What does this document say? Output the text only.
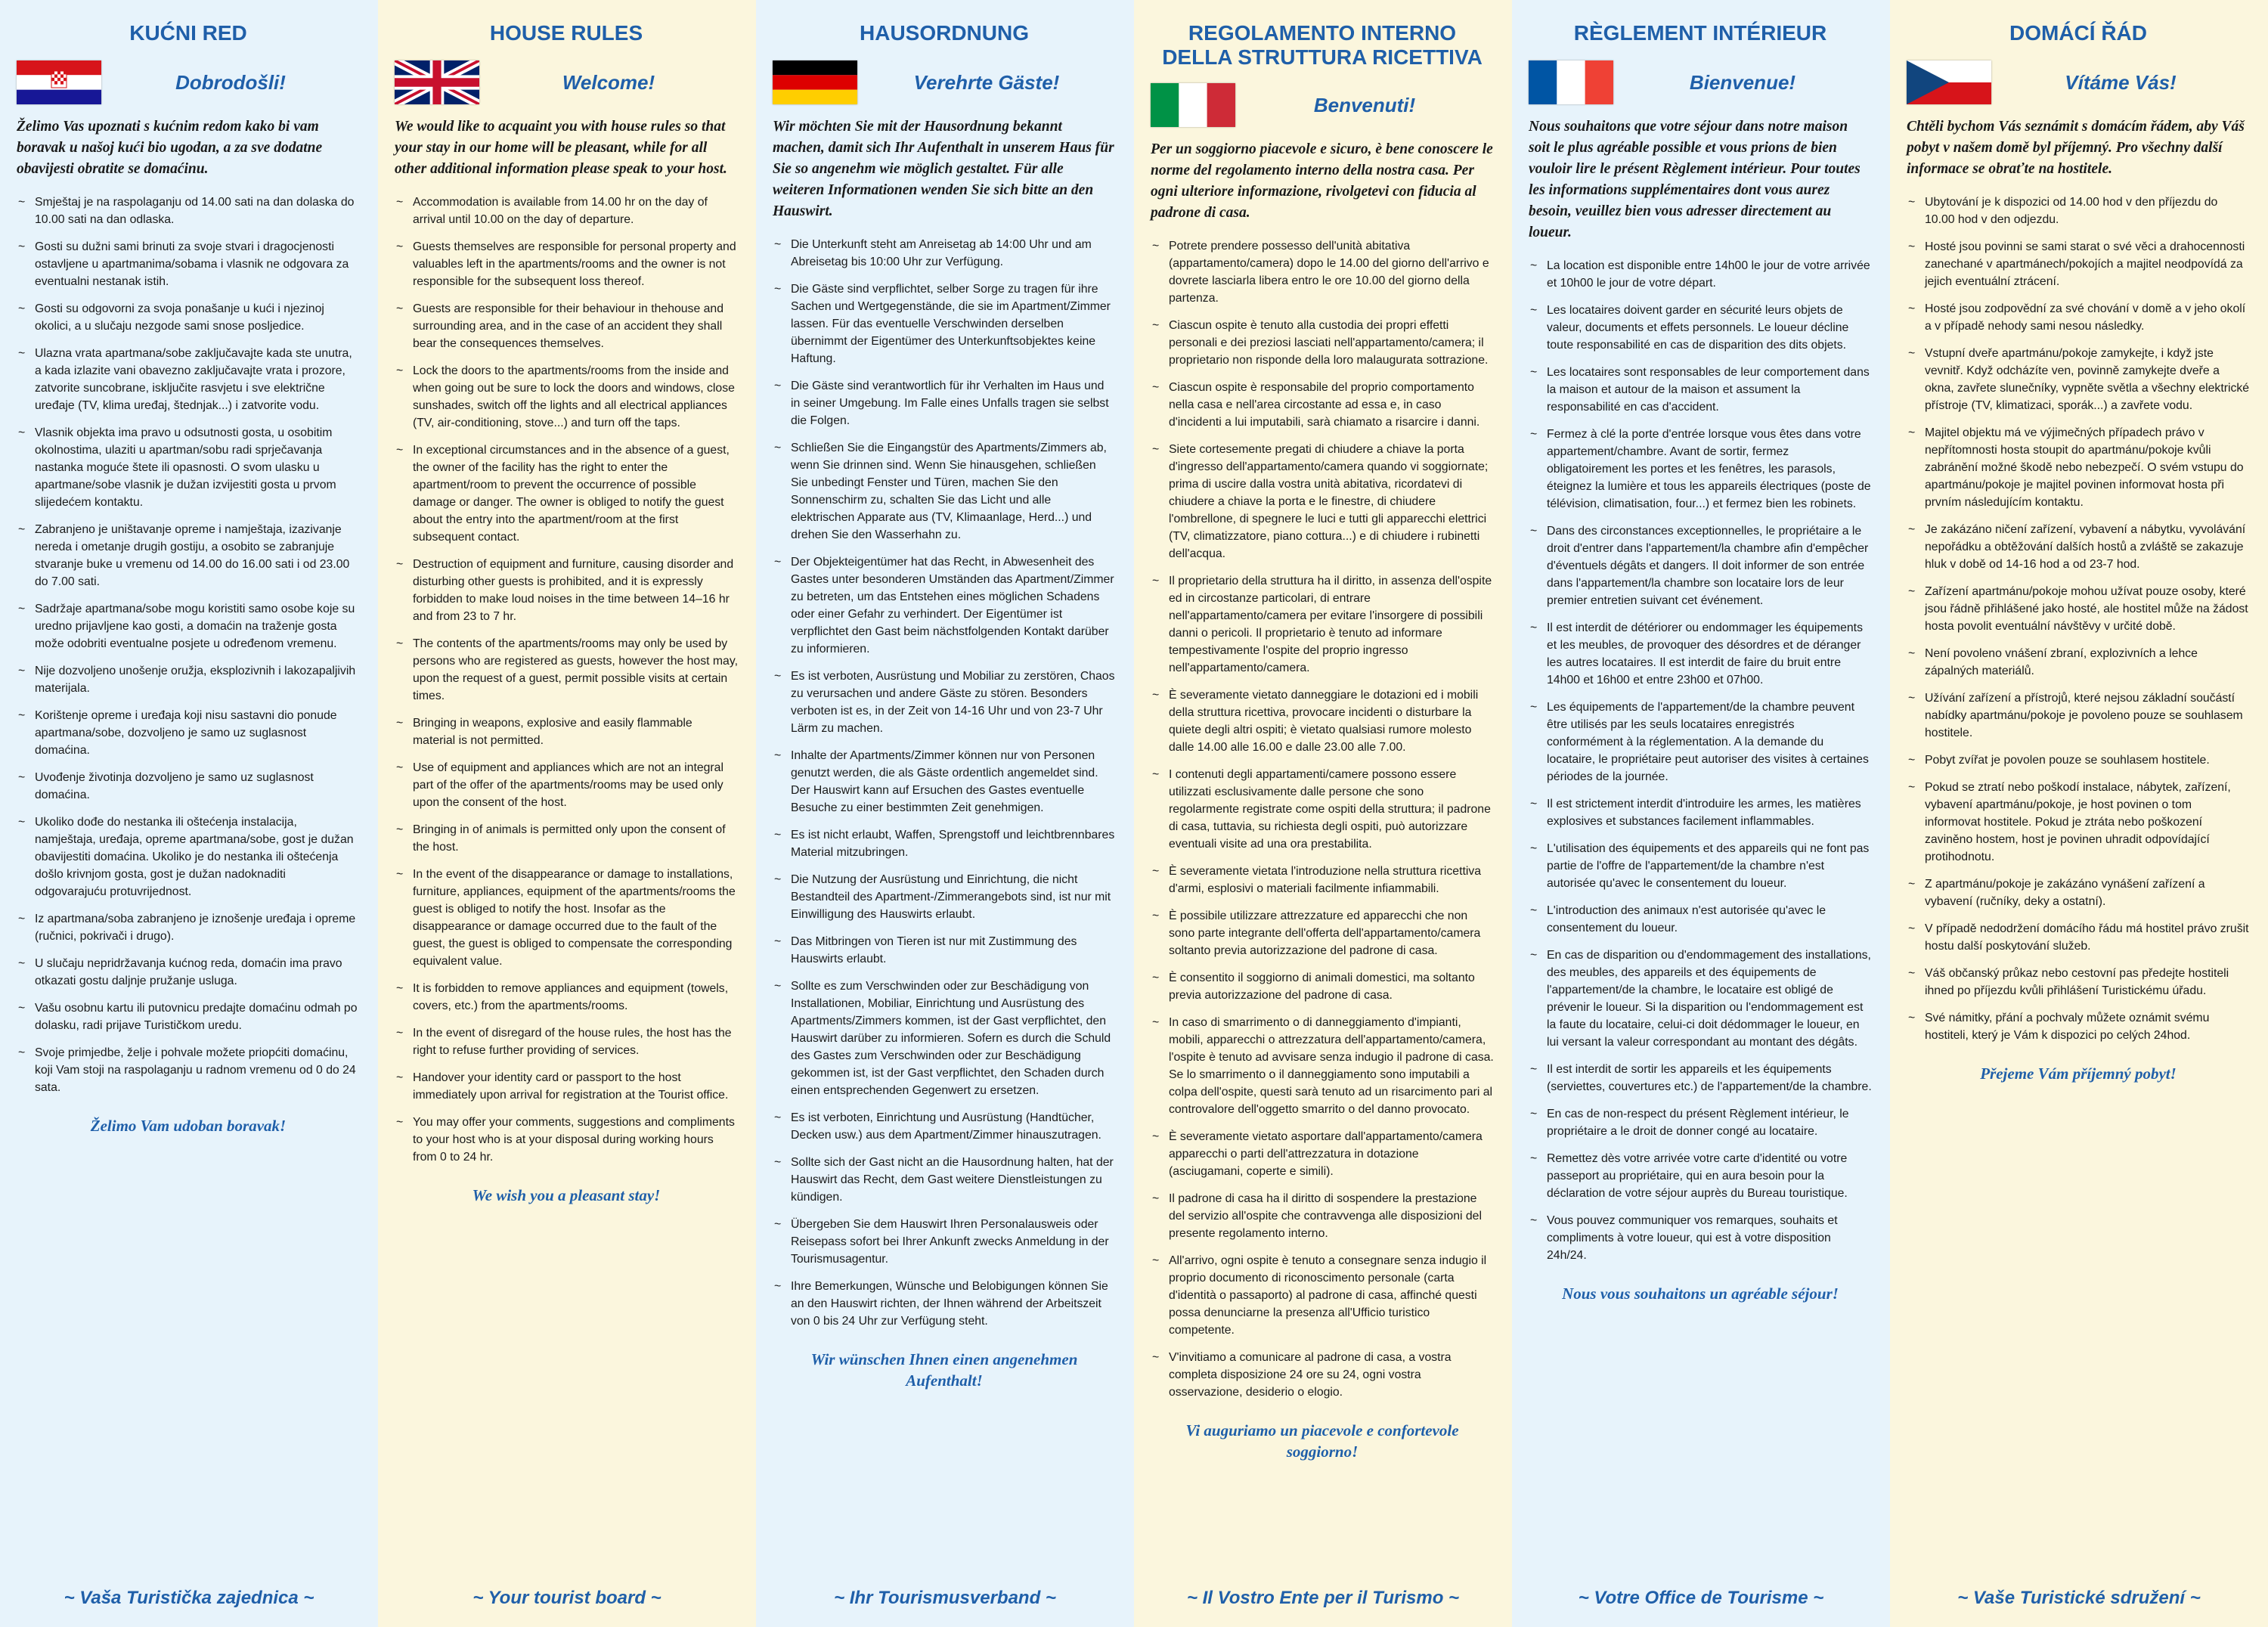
KUĆNI RED
Dobrodošli!

Želimo Vas upoznati s kućnim redom kako bi vam boravak u našoj kući bio ugodan, a za sve dodatne obavijesti obratite se domaćinu.

~ Smještaj je na raspolaganju od 14.00 sati na dan dolaska do 10.00 sati na dan odlaska.
~ Gosti su dužni sami brinuti za svoje stvari i dragocjenosti ostavljene u apartmanima/sobama i vlasnik ne odgovara za eventualni nestanak istih.
~ Gosti su odgovorni za svoja ponašanje u kući i njezinoj okolici, a u slučaju nezgode sami snose posljedice.
~ Ulazna vrata apartmana/sobe zaključavajte kada ste unutra, a kada izlazite vani obavezno zaključavajte vrata i prozore, zatvorite suncobrane, isključite rasvjetu i sve električne uređaje (TV, klima uređaj, štednjak...) i zatvorite vodu.
~ Vlasnik objekta ima pravo u odsutnosti gosta, u osobitim okolnostima, ulaziti u apartman/sobu radi sprječavanja nastanka moguće štete ili opasnosti. O svom ulasku u apartmane/sobe vlasnik je dužan izvijestiti gosta u prvom slijedećem kontaktu.
~ Zabranjeno je uništavanje opreme i namještaja, izazivanje nereda i ometanje drugih gostiju, a osobito se zabranjuje stvaranje buke u vremenu od 14.00 do 16.00 sati i od 23.00 do 7.00 sati.
~ Sadržaje apartmana/sobe mogu koristiti samo osobe koje su uredno prijavljene kao gosti, a domaćin na traženje gosta može odobriti eventualne posjete u određenom vremenu.
~ Nije dozvoljeno unošenje oružja, eksplozivnih i lakozapaljivih materijala.
~ Korištenje opreme i uređaja koji nisu sastavni dio ponude apartmana/sobe, dozvoljeno je samo uz suglasnost domaćina.
~ Uvođenje životinja dozvoljeno je samo uz suglasnost domaćina.
~ Ukoliko dođe do nestanka ili oštećenja instalacija, namještaja, uređaja, opreme apartmana/sobe, gost je dužan obavijestiti domaćina. Ukoliko je do nestanka ili oštećenja došlo krivnjom gosta, gost je dužan nadoknaditi odgovarajuću protuvrijednost.
~ Iz apartmana/soba zabranjeno je iznošenje uređaja i opreme (ručnici, pokrivači i drugo).
~ U slučaju nepridržavanja kućnog reda, domaćin ima pravo otkazati gostu daljnje pružanje usluga.
~ Vašu osobnu kartu ili putovnicu predajte domaćinu odmah po dolasku, radi prijave Turističkom uredu.
~ Svoje primjedbe, želje i pohvale možete priopćiti domaćinu, koji Vam stoji na raspolaganju u radnom vremenu od 0 do 24 sata.
Želimo Vam udoban boravak!
~ Vaša Turistička zajednica ~
HOUSE RULES
Welcome!

We would like to acquaint you with house rules so that your stay in our home will be pleasant, while for all other additional information please speak to your host.

~ Accommodation is available from 14.00 hr on the day of arrival until 10.00 on the day of departure.
~ Guests themselves are responsible for personal property and valuables left in the apartments/rooms and the owner is not responsible for the subsequent loss thereof.
~ Guests are responsible for their behaviour in thehouse and surrounding area, and in the case of an accident they shall bear the consequences themselves.
~ Lock the doors to the apartments/rooms from the inside and when going out be sure to lock the doors and windows, close sunshades, switch off the lights and all electrical appliances (TV, air-conditioning, stove...) and turn off the taps.
~ In exceptional circumstances and in the absence of a guest, the owner of the facility has the right to enter the apartment/room to prevent the occurrence of possible damage or danger. The owner is obliged to notify the guest about the entry into the apartment/room at the first subsequent contact.
~ Destruction of equipment and furniture, causing disorder and disturbing other guests is prohibited, and it is expressly forbidden to make loud noises in the time between 14–16 hr and from 23 to 7 hr.
~ The contents of the apartments/rooms may only be used by persons who are registered as guests, however the host may, upon the request of a guest, permit possible visits at certain times.
~ Bringing in weapons, explosive and easily flammable material is not permitted.
~ Use of equipment and appliances which are not an integral part of the offer of the apartments/rooms may be used only upon the consent of the host.
~ Bringing in of animals is permitted only upon the consent of the host.
~ In the event of the disappearance or damage to installations, furniture, appliances, equipment of the apartments/rooms the guest is obliged to notify the host. Insofar as the disappearance or damage occurred due to the fault of the guest, the guest is obliged to compensate the corresponding equivalent value.
~ It is forbidden to remove appliances and equipment (towels, covers, etc.) from the apartments/rooms.
~ In the event of disregard of the house rules, the host has the right to refuse further providing of services.
~ Handover your identity card or passport to the host immediately upon arrival for registration at the Tourist office.
~ You may offer your comments, suggestions and compliments to your host who is at your disposal during working hours from 0 to 24 hr.
We wish you a pleasant stay!
~ Your tourist board ~
HAUSORDNUNG
Verehrte Gäste!

Wir möchten Sie mit der Hausordnung bekannt machen, damit sich Ihr Aufenthalt in unserem Haus für Sie so angenehm wie möglich gestaltet. Für alle weiteren Informationen wenden Sie sich bitte an den Hauswirt.

~ Die Unterkunft steht am Anreisetag ab 14:00 Uhr und am Abreisetag bis 10:00 Uhr zur Verfügung.
~ Die Gäste sind verpflichtet, selber Sorge zu tragen für ihre Sachen und Wertgegenstände, die sie im Apartment/Zimmer lassen. Für das eventuelle Verschwinden derselben übernimmt der Eigentümer des Unterkunftsobjektes keine Haftung.
~ Die Gäste sind verantwortlich für ihr Verhalten im Haus und in seiner Umgebung. Im Falle eines Unfalls tragen sie selbst die Folgen.
~ Schließen Sie die Eingangstür des Apartments/Zimmers ab, wenn Sie drinnen sind. Wenn Sie hinausgehen, schließen Sie unbedingt Fenster und Türen, machen Sie den Sonnenschirm zu, schalten Sie das Licht und alle elektrischen Apparate aus (TV, Klimaanlage, Herd...) und drehen Sie den Wasserhahn zu.
~ Der Objekteigentümer hat das Recht, in Abwesenheit des Gastes unter besonderen Umständen das Apartment/Zimmer zu betreten, um das Entstehen eines möglichen Schadens oder einer Gefahr zu verhindert. Der Eigentümer ist verpflichtet den Gast beim nächstfolgenden Kontakt darüber zu informieren.
~ Es ist verboten, Ausrüstung und Mobiliar zu zerstören, Chaos zu verursachen und andere Gäste zu stören. Besonders verboten ist es, in der Zeit von 14-16 Uhr und von 23-7 Uhr Lärm zu machen.
~ Inhalte der Apartments/Zimmer können nur von Personen genutzt werden, die als Gäste ordentlich angemeldet sind. Der Hauswirt kann auf Ersuchen des Gastes eventuelle Besuche zu einer bestimmten Zeit genehmigen.
~ Es ist nicht erlaubt, Waffen, Sprengstoff und leichtbrennbares Material mitzubringen.
~ Die Nutzung der Ausrüstung und Einrichtung, die nicht Bestandteil des Apartment-/Zimmerangebots sind, ist nur mit Einwilligung des Hauswirts erlaubt.
~ Das Mitbringen von Tieren ist nur mit Zustimmung des Hauswirts erlaubt.
~ Sollte es zum Verschwinden oder zur Beschädigung von Installationen, Mobiliar, Einrichtung und Ausrüstung des Apartments/Zimmers kommen, ist der Gast verpflichtet, den Hauswirt darüber zu informieren. Sofern es durch die Schuld des Gastes zum Verschwinden oder zur Beschädigung gekommen ist, ist der Gast verpflichtet, den Schaden durch einen entsprechenden Gegenwert zu ersetzen.
~ Es ist verboten, Einrichtung und Ausrüstung (Handtücher, Decken usw.) aus dem Apartment/Zimmer hinauszutragen.
~ Sollte sich der Gast nicht an die Hausordnung halten, hat der Hauswirt das Recht, dem Gast weitere Dienstleistungen zu kündigen.
~ Übergeben Sie dem Hauswirt Ihren Personalausweis oder Reisepass sofort bei Ihrer Ankunft zwecks Anmeldung in der Tourismusagentur.
~ Ihre Bemerkungen, Wünsche und Belobigungen können Sie an den Hauswirt richten, der Ihnen während der Arbeitszeit von 0 bis 24 Uhr zur Verfügung steht.
Wir wünschen Ihnen einen angenehmen Aufenthalt!
~ Ihr Tourismusverband ~
REGOLAMENTO INTERNO DELLA STRUTTURA RICETTIVA
Benvenuti!

Per un soggiorno piacevole e sicuro, è bene conoscere le norme del regolamento interno della nostra casa. Per ogni ulteriore informazione, rivolgetevi con fiducia al padrone di casa.

~ Potrete prendere possesso dell'unità abitativa (appartamento/camera) dopo le 14.00 del giorno dell'arrivo e dovrete lasciarla libera entro le ore 10.00 del giorno della partenza.
~ Ciascun ospite è tenuto alla custodia dei propri effetti personali e dei preziosi lasciati nell'appartamento/camera; il proprietario non risponde della loro malaugurata sottrazione.
~ Ciascun ospite è responsabile del proprio comportamento nella casa e nell'area circostante ad essa e, in caso d'incidenti a lui imputabili, sarà chiamato a risarcire i danni.
~ Siete cortesemente pregati di chiudere a chiave la porta d'ingresso dell'appartamento/camera quando vi soggiornate; prima di uscire dalla vostra unità abitativa, ricordatevi di chiudere a chiave la porta e le finestre, di chiudere l'ombrellone, di spegnere le luci e tutti gli apparecchi elettrici (TV, climatizzatore, piano cottura...) e di chiudere i rubinetti dell'acqua.
~ Il proprietario della struttura ha il diritto, in assenza dell'ospite ed in circostanze particolari, di entrare nell'appartamento/camera per evitare l'insorgere di possibili danni o pericoli. Il proprietario è tenuto ad informare tempestivamente l'ospite del proprio ingresso nell'appartamento/camera.
~ È severamente vietato danneggiare le dotazioni ed i mobili della struttura ricettiva, provocare incidenti o disturbare la quiete degli altri ospiti; è vietato qualsiasi rumore molesto dalle 14.00 alle 16.00 e dalle 23.00 alle 7.00.
~ I contenuti degli appartamenti/camere possono essere utilizzati esclusivamente dalle persone che sono regolarmente registrate come ospiti della struttura; il padrone di casa, tuttavia, su richiesta degli ospiti, può autorizzare eventuali visite ad una ora prestabilita.
~ È severamente vietata l'introduzione nella struttura ricettiva d'armi, esplosivi o materiali facilmente infiammabili.
~ È possibile utilizzare attrezzature ed apparecchi che non sono parte integrante dell'offerta dell'appartamento/camera soltanto previa autorizzazione del padrone di casa.
~ È consentito il soggiorno di animali domestici, ma soltanto previa autorizzazione del padrone di casa.
~ In caso di smarrimento o di danneggiamento d'impianti, mobili, apparecchi o attrezzatura dell'appartamento/camera, l'ospite è tenuto ad avvisare senza indugio il padrone di casa. Se lo smarrimento o il danneggiamento sono imputabili a colpa dell'ospite, questi sarà tenuto ad un risarcimento pari al controvalore dell'oggetto smarrito o del danno provocato.
~ È severamente vietato asportare dall'appartamento/camera apparecchi o parti dell'attrezzatura in dotazione (asciugamani, coperte e simili).
~ Il padrone di casa ha il diritto di sospendere la prestazione del servizio all'ospite che contravvenga alle disposizioni del presente regolamento interno.
~ All'arrivo, ogni ospite è tenuto a consegnare senza indugio il proprio documento di riconoscimento personale (carta d'identità o passaporto) al padrone di casa, affinché questi possa denunciarne la presenza all'Ufficio turistico competente.
~ V'invitiamo a comunicare al padrone di casa, a vostra completa disposizione 24 ore su 24, ogni vostra osservazione, desiderio o elogio.
Vi auguriamo un piacevole e confortevole soggiorno!
~ Il Vostro Ente per il Turismo ~
RÈGLEMENT INTÉRIEUR
Bienvenue!

Nous souhaitons que votre séjour dans notre maison soit le plus agréable possible et vous prions de bien vouloir lire le présent Règlement intérieur. Pour toutes les informations supplémentaires dont vous aurez besoin, veuillez bien vous adresser directement au loueur.

~ La location est disponible entre 14h00 le jour de votre arrivée et 10h00 le jour de votre départ.
~ Les locataires doivent garder en sécurité leurs objets de valeur, documents et effets personnels. Le loueur décline toute responsabilité en cas de disparition des dits objets.
~ Les locataires sont responsables de leur comportement dans la maison et autour de la maison et assument la responsabilité en cas d'accident.
~ Fermez à clé la porte d'entrée lorsque vous êtes dans votre appartement/chambre. Avant de sortir, fermez obligatoirement les portes et les fenêtres, les parasols, éteignez la lumière et tous les appareils électriques (poste de télévision, climatisation, four...) et fermez bien les robinets.
~ Dans des circonstances exceptionnelles, le propriétaire a le droit d'entrer dans l'appartement/la chambre afin d'empêcher d'éventuels dégâts et dangers. Il doit informer de son entrée dans l'appartement/la chambre son locataire lors de leur premier entretien suivant cet événement.
~ Il est interdit de détériorer ou endommager les équipements et les meubles, de provoquer des désordres et de déranger les autres locataires. Il est interdit de faire du bruit entre 14h00 et 16h00 et entre 23h00 et 07h00.
~ Les équipements de l'appartement/de la chambre peuvent être utilisés par les seuls locataires enregistrés conformément à la réglementation. A la demande du locataire, le propriétaire peut autoriser des visites à certaines périodes de la journée.
~ Il est strictement interdit d'introduire les armes, les matières explosives et substances facilement inflammables.
~ L'utilisation des équipements et des appareils qui ne font pas partie de l'offre de l'appartement/de la chambre n'est autorisée qu'avec le consentement du loueur.
~ L'introduction des animaux n'est autorisée qu'avec le consentement du loueur.
~ En cas de disparition ou d'endommagement des installations, des meubles, des appareils et des équipements de l'appartement/de la chambre, le locataire est obligé de prévenir le loueur. Si la disparition ou l'endommagement est la faute du locataire, celui-ci doit dédommager le loueur, en lui versant la valeur correspondant au montant des dégâts.
~ Il est interdit de sortir les appareils et les équipements (serviettes, couvertures etc.) de l'appartement/de la chambre.
~ En cas de non-respect du présent Règlement intérieur, le propriétaire a le droit de donner congé au locataire.
~ Remettez dès votre arrivée votre carte d'identité ou votre passeport au propriétaire, qui en aura besoin pour la déclaration de votre séjour auprès du Bureau touristique.
~ Vous pouvez communiquer vos remarques, souhaits et compliments à votre loueur, qui est à votre disposition 24h/24.
Nous vous souhaitons un agréable séjour!
~ Votre Office de Tourisme ~
DOMÁCÍ ŘÁD
Vítáme Vás!

Chtěli bychom Vás seznámit s domácím řádem, aby Váš pobyt v našem domě byl příjemný. Pro všechny další informace se obraťte na hostitele.

~ Ubytování je k dispozici od 14.00 hod v den příjezdu do 10.00 hod v den odjezdu.
~ Hosté jsou povinni se sami starat o své věci a drahocennosti zanechané v apartmánech/pokojích a majitel neodpovídá za jejich eventuální ztrácení.
~ Hosté jsou zodpovědní za své chování v domě a v jeho okolí a v případě nehody sami nesou následky.
~ Vstupní dveře apartmánu/pokoje zamykejte, i když jste vevnitř. Když odcházíte ven, povinně zamykejte dveře a okna, zavřete slunečníky, vypněte světla a všechny elektrické přístroje (TV, klimatizaci, sporák...) a zavřete vodu.
~ Majitel objektu má ve výjimečných případech právo v nepřítomnosti hosta stoupit do apartmánu/pokoje kvůli zabránění možné škodě nebo nebezpečí. O svém vstupu do apartmánu/pokoje je majitel povinen informovat hosta při prvním následujícím kontaktu.
~ Je zakázáno ničení zařízení, vybavení a nábytku, vyvolávání nepořádku a obtěžování dalších hostů a zvláště se zakazuje hluk v době od 14-16 hod a od 23-7 hod.
~ Zařízení apartmánu/pokoje mohou užívat pouze osoby, které jsou řádně přihlášené jako hosté, ale hostitel může na žádost hosta povolit eventuální návštěvy v určité době.
~ Není povoleno vnášení zbraní, explozivních a lehce zápalných materiálů.
~ Užívání zařízení a přístrojů, které nejsou základní součástí nabídky apartmánu/pokoje je povoleno pouze se souhlasem hostitele.
~ Pobyt zvířat je povolen pouze se souhlasem hostitele.
~ Pokud se ztratí nebo poškodí instalace, nábytek, zařízení, vybavení apartmánu/pokoje, je host povinen o tom informovat hostitele. Pokud je ztráta nebo poškození zaviněno hostem, host je povinen uhradit odpovídající protihodnotu.
~ Z apartmánu/pokoje je zakázáno vynášení zařízení a vybavení (ručníky, deky a ostatní).
~ V případě nedodržení domácího řádu má hostitel právo zrušit hostu další poskytování služeb.
~ Váš občanský průkaz nebo cestovní pas předejte hostiteli ihned po příjezdu kvůli přihlášení Turistickému úřadu.
~ Své námitky, přání a pochvaly můžete oznámit svému hostiteli, který je Vám k dispozici po celých 24hod.
Přejeme Vám příjemný pobyt!
~ Vaše Turistické sdružení ~
